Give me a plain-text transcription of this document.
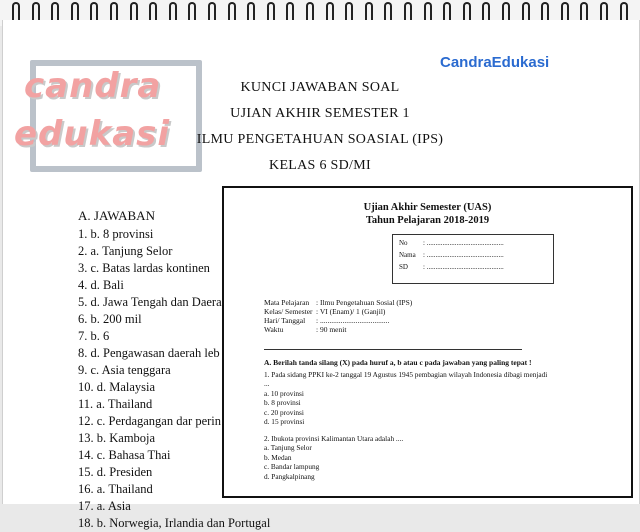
candra
edukasi
CandraEdukasi
KUNCI JAWABAN SOAL
UJIAN AKHIR SEMESTER 1
ILMU PENGETAHUAN SOASIAL (IPS)
KELAS 6 SD/MI
A. JAWABAN
1. b. 8 provinsi
2. a. Tanjung Selor
3. c. Batas lardas kontinen
4. d. Bali
5. d. Jawa Tengah dan Daera
6. b. 200 mil
7. b. 6
8. d. Pengawasan daerah leb
9. c. Asia tenggara
10. d. Malaysia
11. a. Thailand
12. c. Perdagangan dar perin
13. b. Kamboja
14. c. Bahasa Thai
15. d. Presiden
16. a. Thailand
17. a. Asia
18. b. Norwegia, Irlandia dan Portugal
Ujian Akhir Semester (UAS)
Tahun Pelajaran 2018-2019
No : ............................................
Nama : ............................................
SD : ............................................
Mata Pelajaran : Ilmu Pengetahuan Sosial (IPS)
Kelas/ Semester : VI (Enam)/ 1 (Ganjil)
Hari/ Tanggal : .....................................
Waktu	: 90 menit
A. Berilah tanda silang (X) pada huruf a, b atau c pada jawaban yang paling tepat !
1. Pada sidang PPKI ke-2 tanggal 19 Agustus 1945 pembagian wilayah Indonesia dibagi menjadi
...
a. 10 provinsi
b. 8 provinsi
c. 20 provinsi
d. 15 provinsi
2. Ibukota provinsi Kalimantan Utara adalah ....
a. Tanjung Selor
b. Medan
c. Bandar lampung
d. Pangkalpinang
